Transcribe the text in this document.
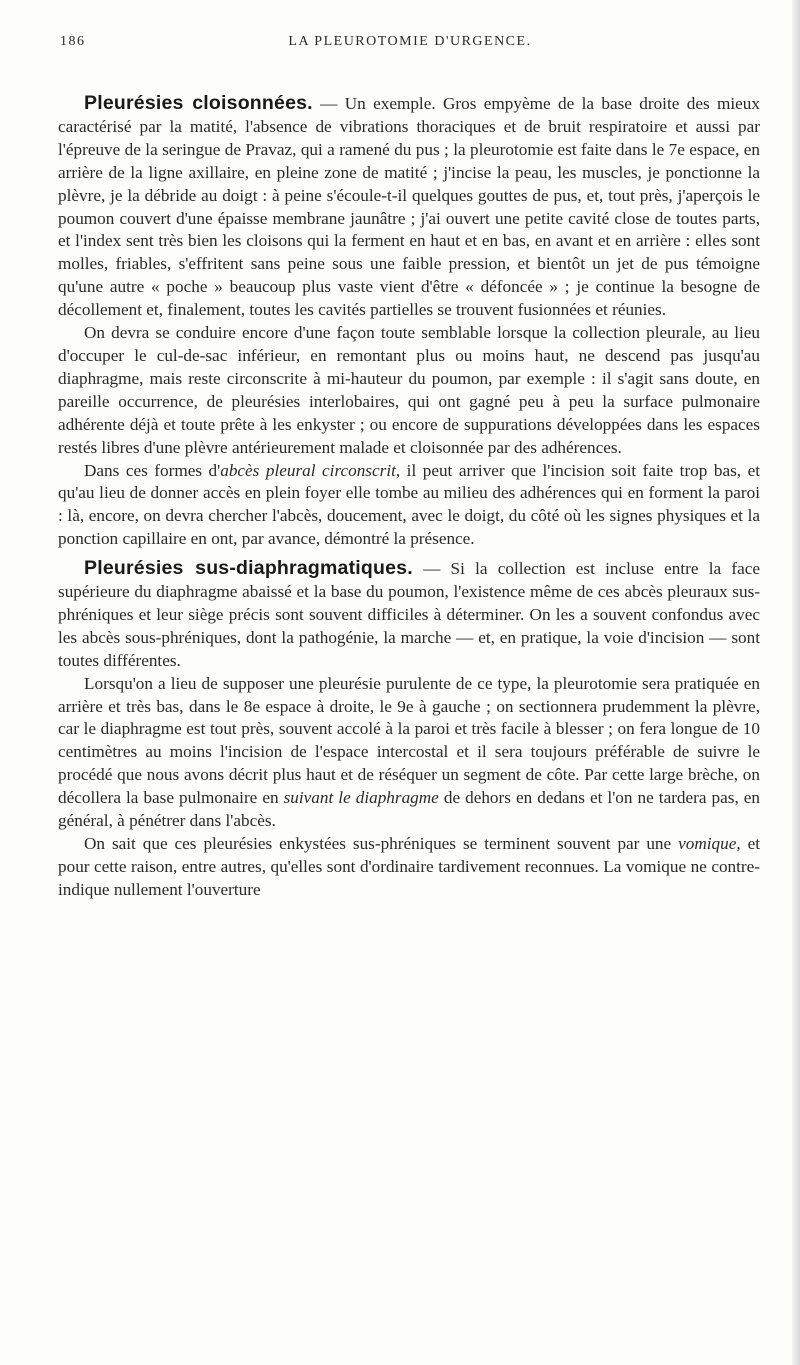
186	LA PLEUROTOMIE D'URGENCE.

Pleurésies cloisonnées. — Un exemple. Gros empyème de la base droite des mieux caractérisé par la matité, l'absence de vibrations thoraciques et de bruit respiratoire et aussi par l'épreuve de la seringue de Pravaz, qui a ramené du pus ; la pleurotomie est faite dans le 7e espace, en arrière de la ligne axillaire, en pleine zone de matité ; j'incise la peau, les muscles, je ponctionne la plèvre, je la débride au doigt : à peine s'écoule-t-il quelques gouttes de pus, et, tout près, j'aperçois le poumon couvert d'une épaisse membrane jaunâtre ; j'ai ouvert une petite cavité close de toutes parts, et l'index sent très bien les cloisons qui la ferment en haut et en bas, en avant et en arrière : elles sont molles, friables, s'effritent sans peine sous une faible pression, et bientôt un jet de pus témoigne qu'une autre « poche » beaucoup plus vaste vient d'être « défoncée » ; je continue la besogne de décollement et, finalement, toutes les cavités partielles se trouvent fusionnées et réunies.

On devra se conduire encore d'une façon toute semblable lorsque la collection pleurale, au lieu d'occuper le cul-de-sac inférieur, en remontant plus ou moins haut, ne descend pas jusqu'au diaphragme, mais reste circonscrite à mi-hauteur du poumon, par exemple : il s'agit sans doute, en pareille occurrence, de pleurésies interlobaires, qui ont gagné peu à peu la surface pulmonaire adhérente déjà et toute prête à les enkyster ; ou encore de suppurations développées dans les espaces restés libres d'une plèvre antérieurement malade et cloisonnée par des adhérences.

Dans ces formes d'abcès pleural circonscrit, il peut arriver que l'incision soit faite trop bas, et qu'au lieu de donner accès en plein foyer elle tombe au milieu des adhérences qui en forment la paroi : là, encore, on devra chercher l'abcès, doucement, avec le doigt, du côté où les signes physiques et la ponction capillaire en ont, par avance, démontré la présence.

Pleurésies sus-diaphragmatiques. — Si la collection est incluse entre la face supérieure du diaphragme abaissé et la base du poumon, l'existence même de ces abcès pleuraux sus-phréniques et leur siège précis sont souvent difficiles à déterminer. On les a souvent confondus avec les abcès sous-phréniques, dont la pathogénie, la marche — et, en pratique, la voie d'incision — sont toutes différentes.

Lorsqu'on a lieu de supposer une pleurésie purulente de ce type, la pleurotomie sera pratiquée en arrière et très bas, dans le 8e espace à droite, le 9e à gauche ; on sectionnera prudemment la plèvre, car le diaphragme est tout près, souvent accolé à la paroi et très facile à blesser ; on fera longue de 10 centimètres au moins l'incision de l'espace intercostal et il sera toujours préférable de suivre le procédé que nous avons décrit plus haut et de réséquer un segment de côte. Par cette large brèche, on décollera la base pulmonaire en suivant le diaphragme de dehors en dedans et l'on ne tardera pas, en général, à pénétrer dans l'abcès.

On sait que ces pleurésies enkystées sus-phréniques se terminent souvent par une vomique, et pour cette raison, entre autres, qu'elles sont d'ordinaire tardivement reconnues. La vomique ne contre-indique nullement l'ouverture
